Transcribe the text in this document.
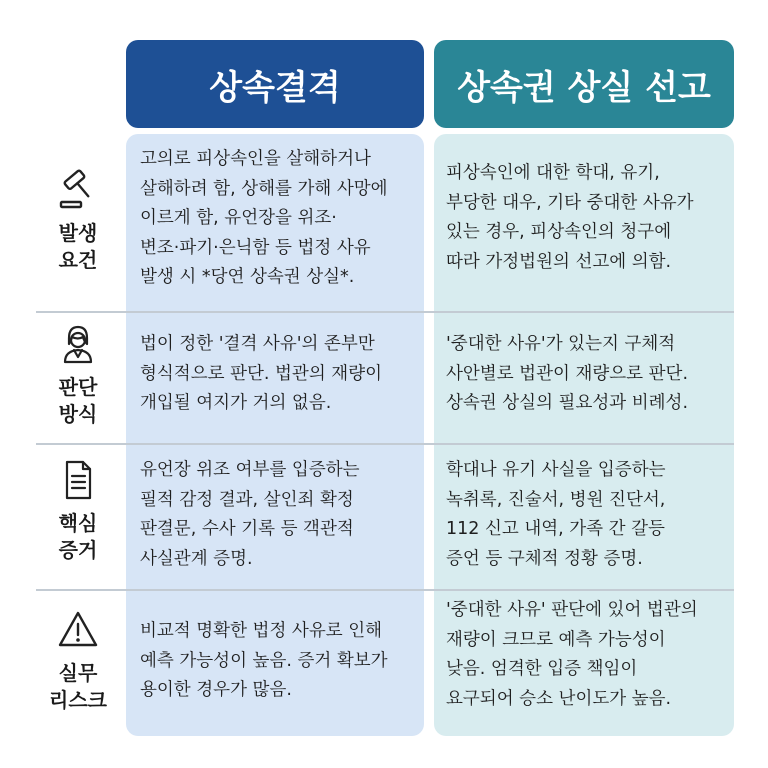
상속결격	상속권 상실 선고
발생
요건
고의로 피상속인을 살해하거나
살해하려 함, 상해를 가해 사망에
이르게 함, 유언장을 위조·
변조·파기·은닉함 등 법정 사유
발생 시 *당연 상속권 상실*.
피상속인에 대한 학대, 유기,
부당한 대우, 기타 중대한 사유가
있는 경우, 피상속인의 청구에
따라 가정법원의 선고에 의함.
판단
방식
법이 정한 '결격 사유'의 존부만
형식적으로 판단. 법관의 재량이
개입될 여지가 거의 없음.
'중대한 사유'가 있는지 구체적
사안별로 법관이 재량으로 판단.
상속권 상실의 필요성과 비례성.
핵심
증거
유언장 위조 여부를 입증하는
필적 감정 결과, 살인죄 확정
판결문, 수사 기록 등 객관적
사실관계 증명.
학대나 유기 사실을 입증하는
녹취록, 진술서, 병원 진단서,
112 신고 내역, 가족 간 갈등
증언 등 구체적 정황 증명.
실무
리스크
비교적 명확한 법정 사유로 인해
예측 가능성이 높음. 증거 확보가
용이한 경우가 많음.
'중대한 사유' 판단에 있어 법관의
재량이 크므로 예측 가능성이
낮음. 엄격한 입증 책임이
요구되어 승소 난이도가 높음.
